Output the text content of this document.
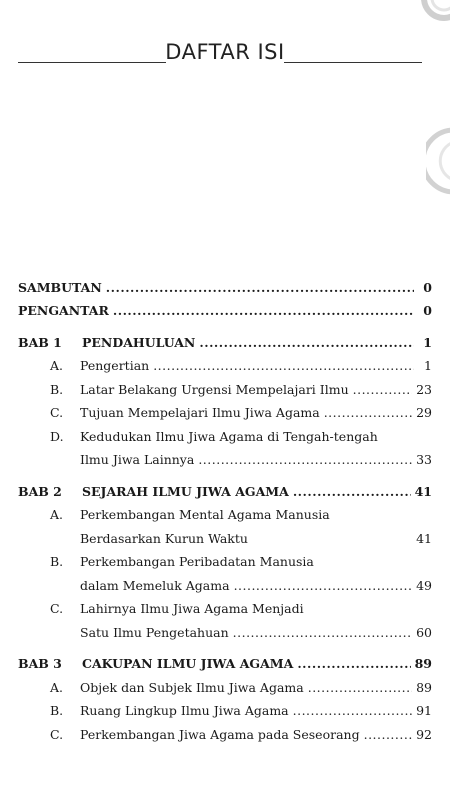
DAFTAR ISI
SAMBUTAN .....	0
PENGANTAR .....	0
BAB 1	PENDAHULUAN .....	1
A.	Pengertian .....	1
B.	Latar Belakang Urgensi Mempelajari Ilmu .....	23
C.	Tujuan Mempelajari Ilmu Jiwa Agama .....	29
D.	Kedudukan Ilmu Jiwa Agama di Tengah-tengah
Ilmu Jiwa Lainnya .....	33
BAB 2	SEJARAH ILMU JIWA AGAMA .....	41
A.	Perkembangan Mental Agama Manusia
Berdasarkan Kurun Waktu	41
B.	Perkembangan Peribadatan Manusia
dalam Memeluk Agama .....	49
C.	Lahirnya Ilmu Jiwa Agama Menjadi
Satu Ilmu Pengetahuan .....	60
BAB 3	CAKUPAN ILMU JIWA AGAMA .....	89
A.	Objek dan Subjek Ilmu Jiwa Agama .....	89
B.	Ruang Lingkup Ilmu Jiwa Agama .....	91
C.	Perkembangan Jiwa Agama pada Seseorang .....	92
